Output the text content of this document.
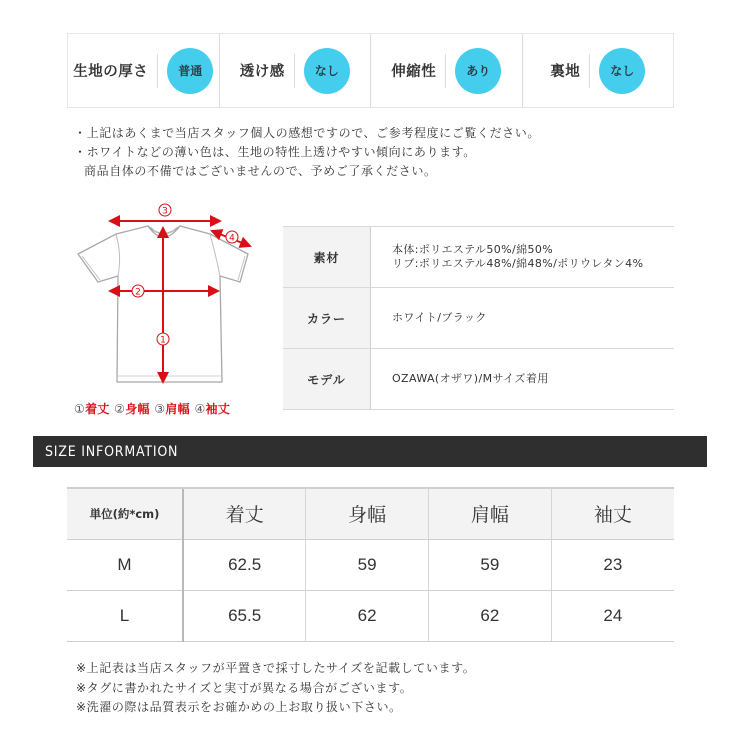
生地の厚さ	普通	透け感	なし	伸縮性	あり	裏地	なし
・上記はあくまで当店スタッフ個人の感想ですので、ご参考程度にご覧ください。
・ホワイトなどの薄い色は、生地の特性上透けやすい傾向にあります。
商品自体の不備ではございませんので、予めご了承ください。
3
4
2
1
①着丈 ②身幅 ③肩幅 ④袖丈
素材
本体:ポリエステル50%/綿50%
リブ:ポリエステル48%/綿48%/ポリウレタン4%
カラー	ホワイト/ブラック
モデル	OZAWA(オザワ)/Mサイズ着用
SIZE INFORMATION
単位(約*cm)	着丈	身幅	肩幅	袖丈
M	62.5	59	59	23
L	65.5	62	62	24
※上記表は当店スタッフが平置きで採寸したサイズを記載しています。
※タグに書かれたサイズと実寸が異なる場合がございます。
※洗濯の際は品質表示をお確かめの上お取り扱い下さい。
